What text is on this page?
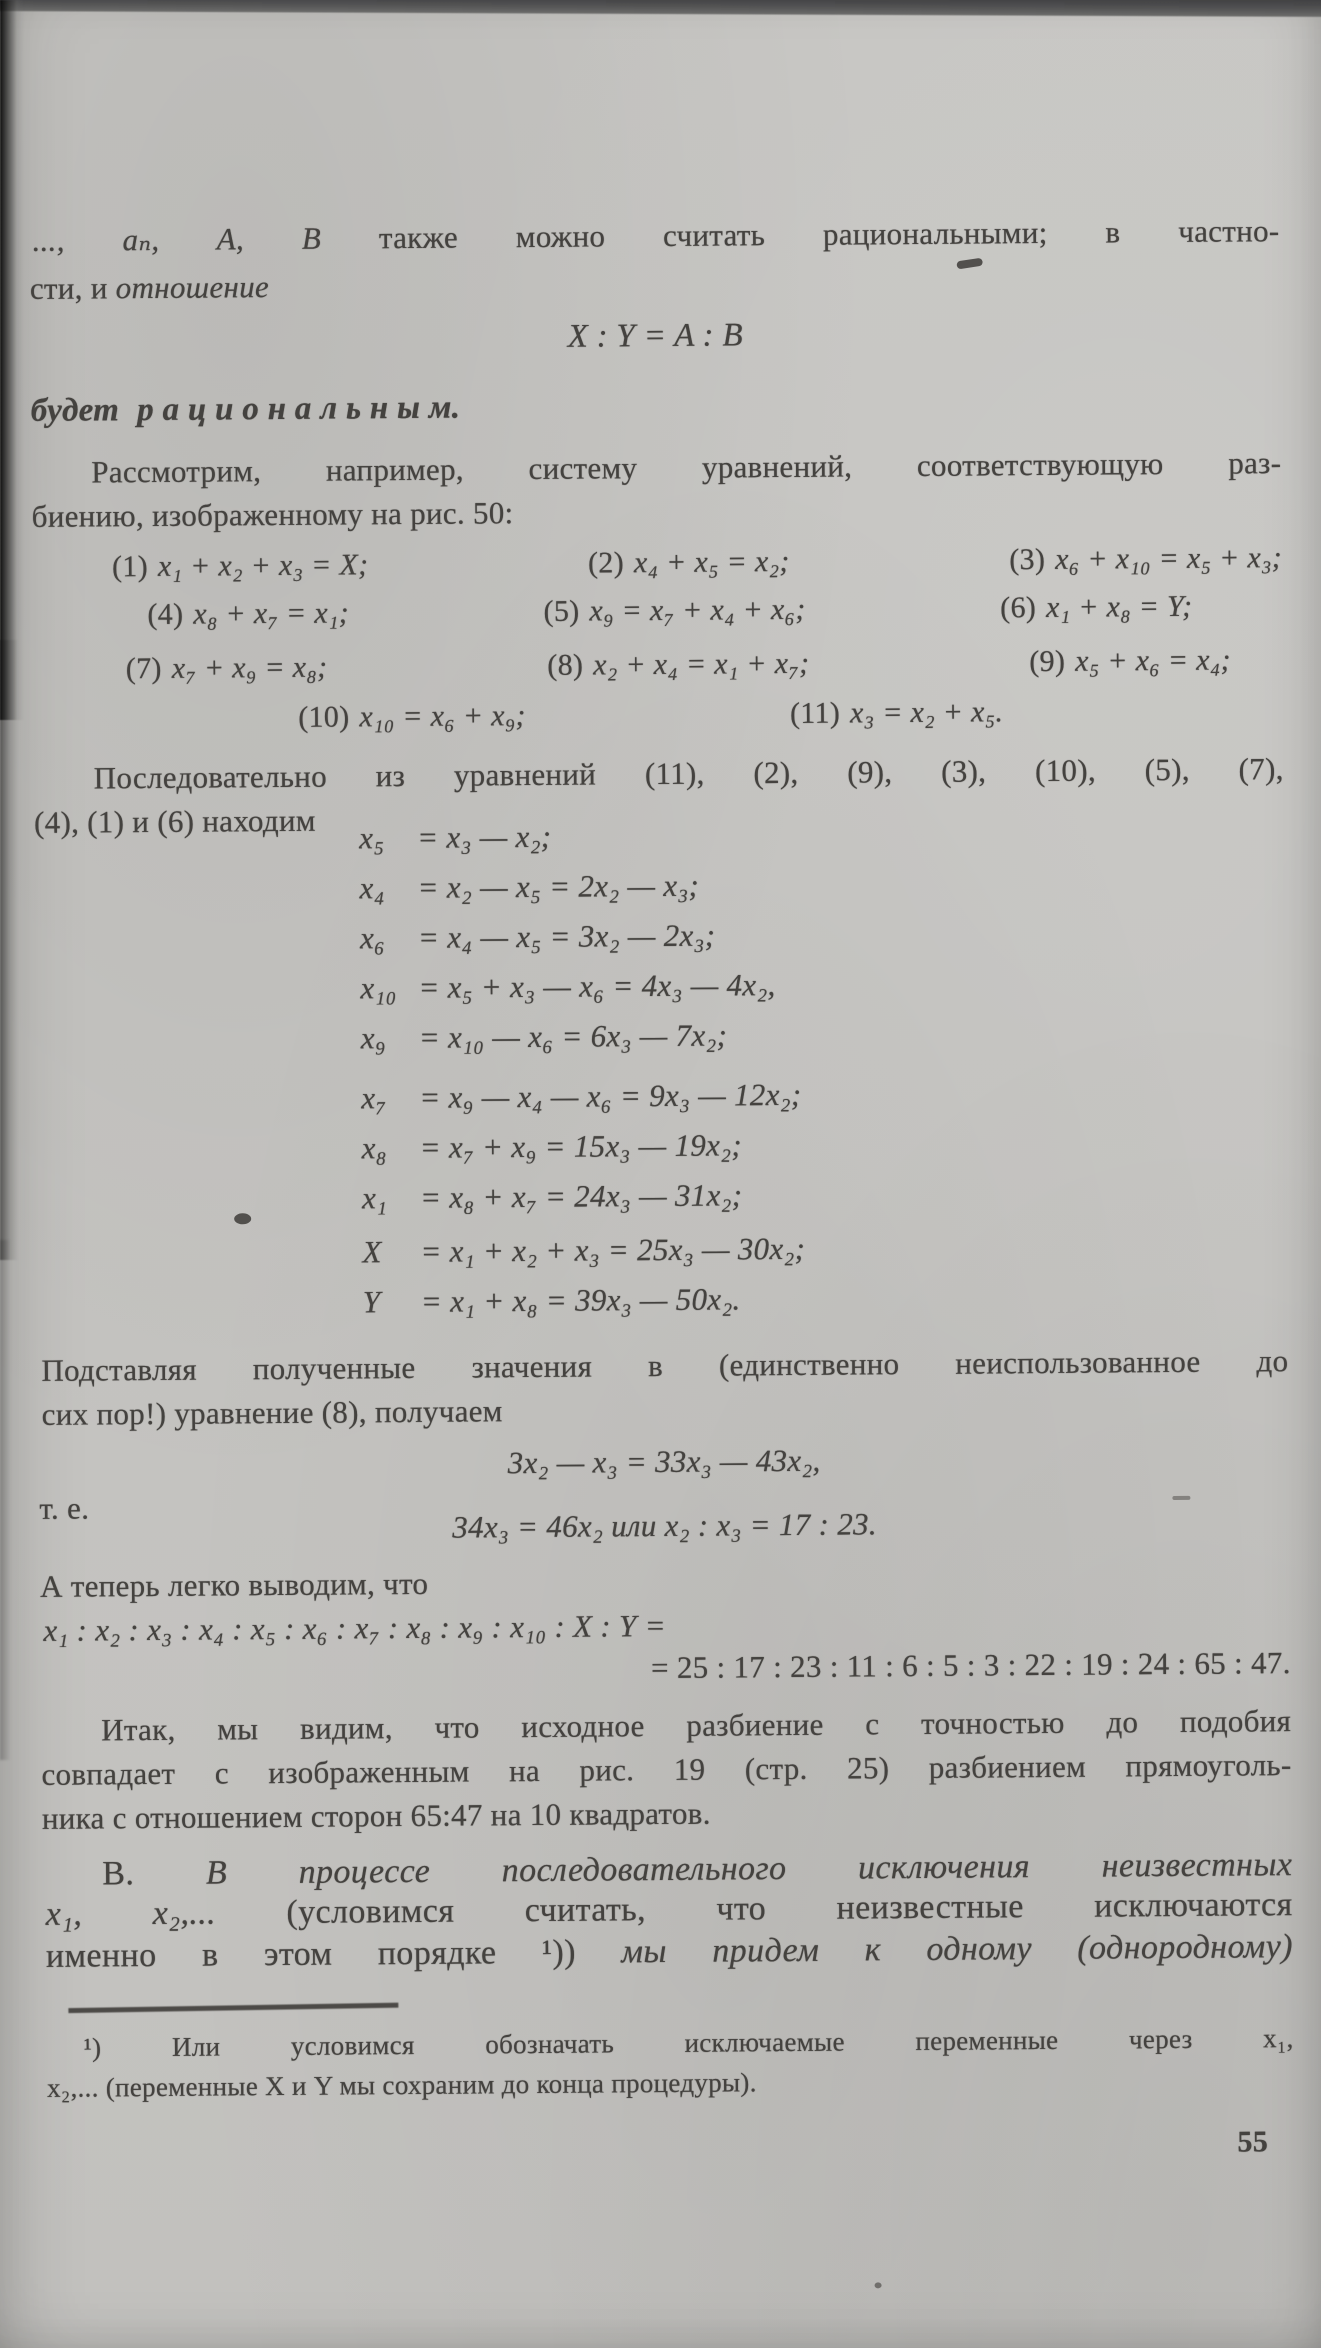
..., aₙ, A, B также можно считать рациональными; в частно-
сти, и отношение
X : Y = A : B
будет р а ц и о н а л ь н ы м.
Рассмотрим, например, систему уравнений, соответствующую раз-
биению, изображенному на рис. 50:
(1) x₁ + x₂ + x₃ = X;	(2) x₄ + x₅ = x₂;	(3) x₆ + x₁₀ = x₅ + x₃;
(4) x₈ + x₇ = x₁;	(5) x₉ = x₇ + x₄ + x₆;	(6) x₁ + x₈ = Y;
(7) x₇ + x₉ = x₈;	(8) x₂ + x₄ = x₁ + x₇;	(9) x₅ + x₆ = x₄;
(10) x₁₀ = x₆ + x₉;	(11) x₃ = x₂ + x₅.
Последовательно из уравнений (11), (2), (9), (3), (10), (5), (7),
(4), (1) и (6) находим x₅ = x₃ — x₂;
x₄ = x₂ — x₅ = 2x₂ — x₃;
x₆ = x₄ — x₅ = 3x₂ — 2x₃;
x₁₀ = x₅ + x₃ — x₆ = 4x₃ — 4x₂,
x₉ = x₁₀ — x₆ = 6x₃ — 7x₂;
x₇ = x₉ — x₄ — x₆ = 9x₃ — 12x₂;
x₈ = x₇ + x₉ = 15x₃ — 19x₂;
x₁ = x₈ + x₇ = 24x₃ — 31x₂;
X = x₁ + x₂ + x₃ = 25x₃ — 30x₂;
Y = x₁ + x₈ = 39x₃ — 50x₂.
Подставляя полученные значения в (единственно неиспользованное до
сих пор!) уравнение (8), получаем
3x₂ — x₃ = 33x₃ — 43x₂,
т. е.	34x₃ = 46x₂ или x₂ : x₃ = 17 : 23.
А теперь легко выводим, что
x₁ : x₂ : x₃ : x₄ : x₅ : x₆ : x₇ : x₈ : x₉ : x₁₀ : X : Y =
= 25 : 17 : 23 : 11 : 6 : 5 : 3 : 22 : 19 : 24 : 65 : 47.
Итак, мы видим, что исходное разбиение с точностью до подобия
совпадает с изображенным на рис. 19 (стр. 25) разбиением прямоуголь-
ника с отношением сторон 65:47 на 10 квадратов.
В. В процессе последовательного исключения неизвестных
x₁, x₂,... (условимся считать, что неизвестные исключаются
именно в этом порядке ¹)) мы придем к одному (однородному)
¹) Или условимся обозначать исключаемые переменные через x₁,
x₂,... (переменные X и Y мы сохраним до конца процедуры).
55
